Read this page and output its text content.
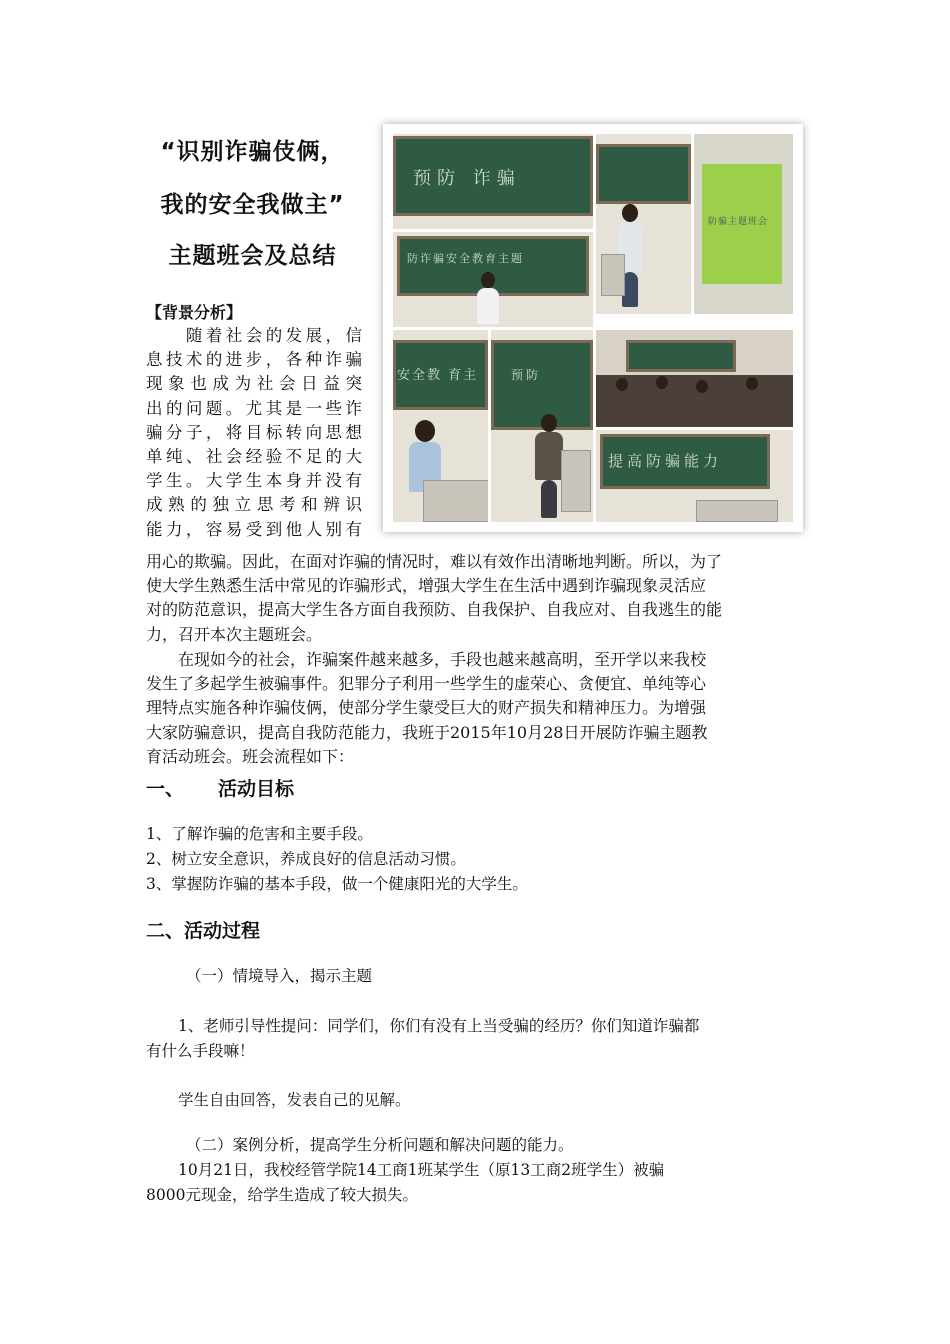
“识别诈骗伎俩，
我的安全我做主”
主题班会及总结
【背景分析】
　　随着社会的发展，信
息技术的进步，各种诈骗
现象也成为社会日益突
出的问题。尤其是一些诈
骗分子，将目标转向思想
单纯、社会经验不足的大
学生。大学生本身并没有
成熟的独立思考和辨识
能力，容易受到他人别有
用心的欺骗。因此，在面对诈骗的情况时，难以有效作出清晰地判断。所以，为了
使大学生熟悉生活中常见的诈骗形式，增强大学生在生活中遇到诈骗现象灵活应
对的防范意识，提高大学生各方面自我预防、自我保护、自我应对、自我逃生的能
力，召开本次主题班会。
　　在现如今的社会，诈骗案件越来越多，手段也越来越高明，至开学以来我校
发生了多起学生被骗事件。犯罪分子利用一些学生的虚荣心、贪便宜、单纯等心
理特点实施各种诈骗伎俩，使部分学生蒙受巨大的财产损失和精神压力。为增强
大家防骗意识，提高自我防范能力，我班于2015年10月28日开展防诈骗主题教
育活动班会。班会流程如下：
一、 活动目标
1、了解诈骗的危害和主要手段。
2、树立安全意识，养成良好的信息活动习惯。
3、掌握防诈骗的基本手段，做一个健康阳光的大学生。
二、活动过程
（一）情境导入，揭示主题
1、老师引导性提问：同学们，你们有没有上当受骗的经历？你们知道诈骗都
有什么手段嘛！
学生自由回答，发表自己的见解。
（二）案例分析，提高学生分析问题和解决问题的能力。
10月21日，我校经管学院14工商1班某学生（原13工商2班学生）被骗
8000元现金，给学生造成了较大损失。
预防 诈骗
防骗主题班会
防诈骗安全教育主题
安全教 育主	预防
提高防骗能力
